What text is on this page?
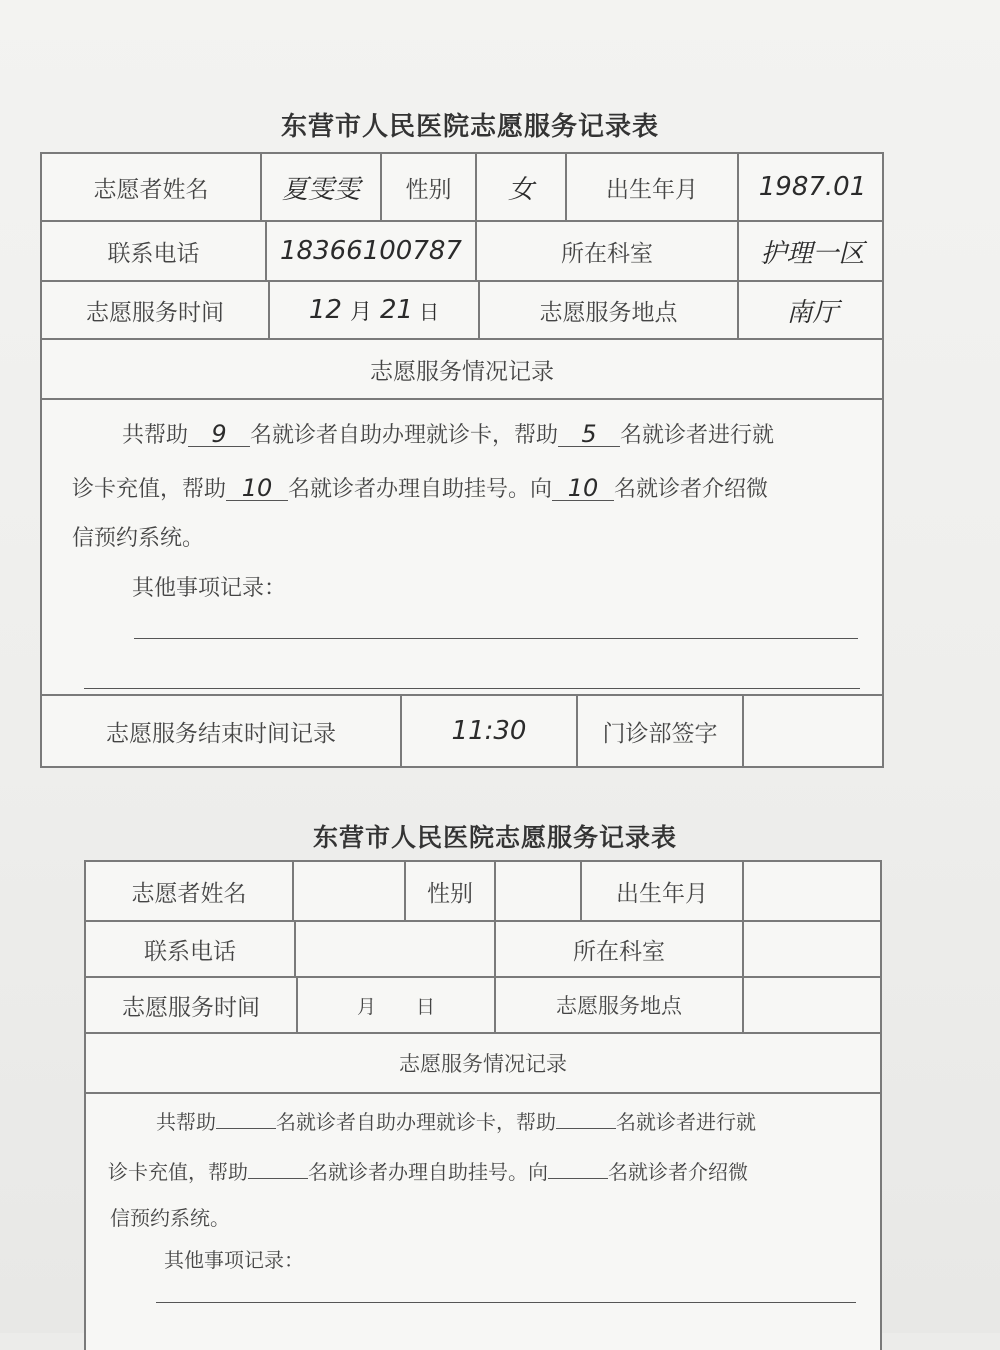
东营市人民医院志愿服务记录表
志愿者姓名	夏雯雯	性别	女	出生年月	1987.01
联系电话	18366100787	所在科室	护理一区
志愿服务时间	12 月 21 日	志愿服务地点	南厅
志愿服务情况记录
共帮助 9 名就诊者自助办理就诊卡，帮助 5 名就诊者进行就
诊卡充值，帮助 10 名就诊者办理自助挂号。向 10 名就诊者介绍微
信预约系统。
其他事项记录：
志愿服务结束时间记录	11:30	门诊部签字
东营市人民医院志愿服务记录表
志愿者姓名	性别	出生年月
联系电话	所在科室
志愿服务时间	月 日	志愿服务地点
志愿服务情况记录
共帮助	名就诊者自助办理就诊卡，帮助	名就诊者进行就
诊卡充值，帮助	名就诊者办理自助挂号。向	名就诊者介绍微
信预约系统。
其他事项记录：
